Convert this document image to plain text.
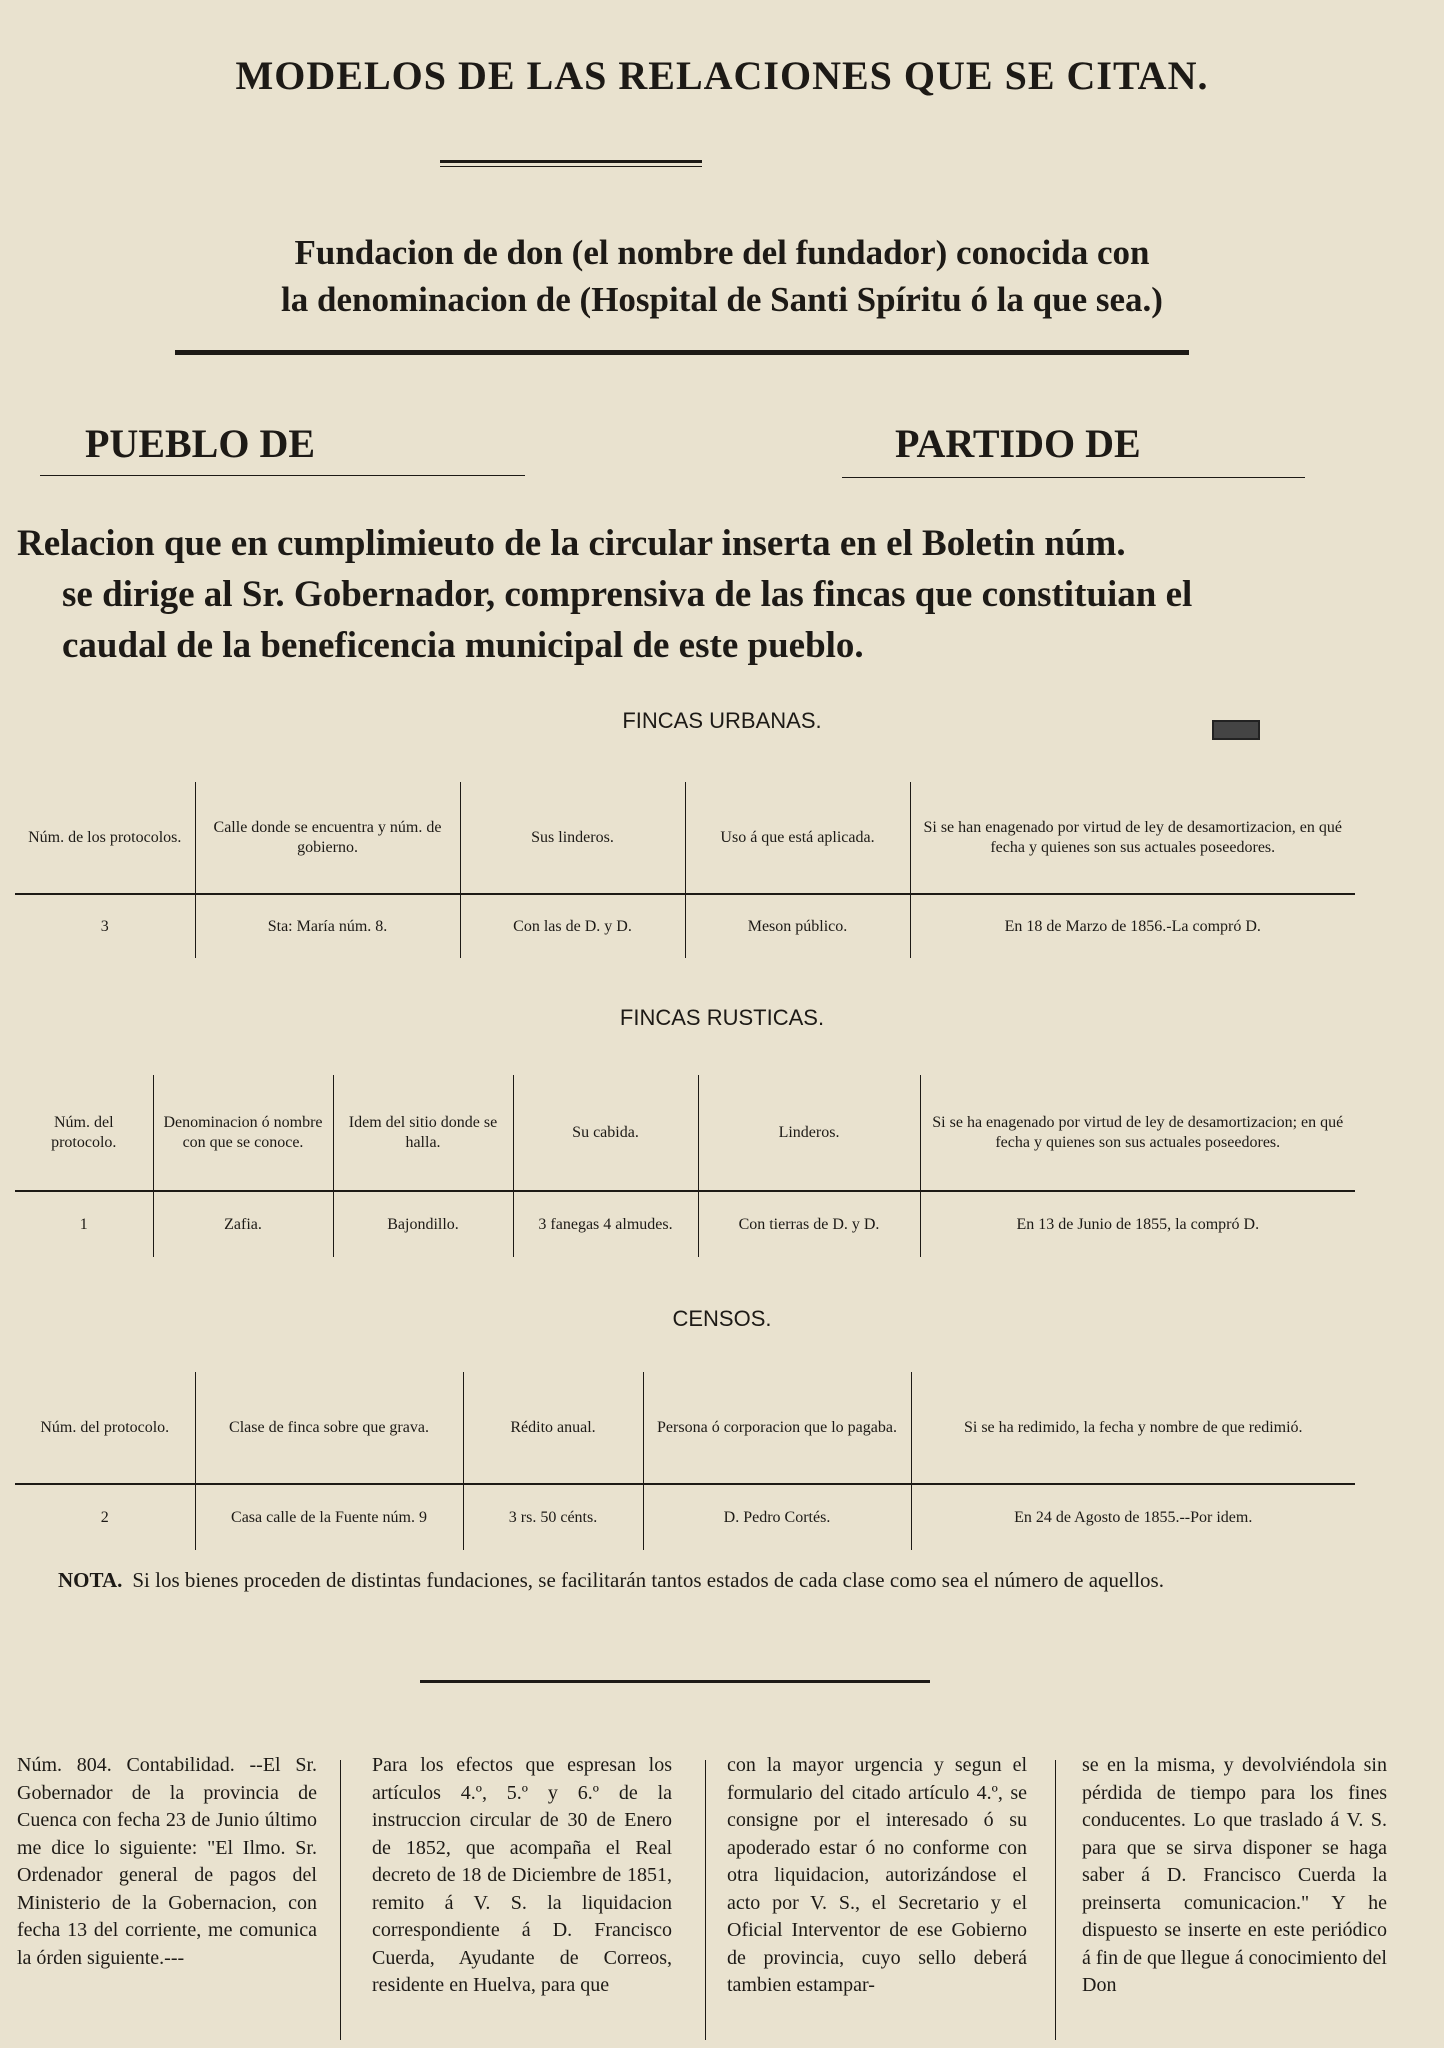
MODELOS DE LAS RELACIONES QUE SE CITAN.
Fundacion de don (el nombre del fundador) conocida con
la denominacion de (Hospital de Santi Spíritu ó la que sea.)
PUEBLO DE	PARTIDO DE
Relacion que en cumplimieuto de la circular inserta en el Boletin núm.
se dirige al Sr. Gobernador, comprensiva de las fincas que constituian el
caudal de la beneficencia municipal de este pueblo.
FINCAS URBANAS.
Núm. de los protocolos.	Calle donde se encuentra y núm. de gobierno.	Sus linderos.	Uso á que está aplicada.	Si se han enagenado por virtud de ley de desamortizacion, en qué fecha y quienes son sus actuales poseedores.
3	Sta: María núm. 8.	Con las de D. y D.	Meson público.	En 18 de Marzo de 1856.-La compró D.
FINCAS RUSTICAS.
Núm. del protocolo.	Denominacion ó nombre con que se conoce.	Idem del sitio donde se halla.	Su cabida.	Linderos.	Si se ha enagenado por virtud de ley de desamortizacion; en qué fecha y quienes son sus actuales poseedores.
1	Zafia.	Bajondillo.	3 fanegas 4 almudes.	Con tierras de D. y D.	En 13 de Junio de 1855, la compró D.
CENSOS.
Núm. del protocolo.	Clase de finca sobre que grava.	Rédito anual.	Persona ó corporacion que lo pagaba.	Si se ha redimido, la fecha y nombre de que redimió.
2	Casa calle de la Fuente núm. 9	3 rs. 50 cénts.	D. Pedro Cortés.	En 24 de Agosto de 1855.--Por idem.
NOTA. Si los bienes proceden de distintas fundaciones, se facilitarán tantos estados de cada clase como sea el número de aquellos.
Núm. 804. Contabilidad. --El Sr. Gobernador de la provincia de Cuenca con fecha 23 de Junio último me dice lo siguiente: "El Ilmo. Sr. Ordenador general de pagos del Ministerio de la Gobernacion, con fecha 13 del corriente, me comunica la órden siguiente.---
Para los efectos que espresan los artículos 4.º, 5.º y 6.º de la instruccion circular de 30 de Enero de 1852, que acompaña el Real decreto de 18 de Diciembre de 1851, remito á V. S. la liquidacion correspondiente á D. Francisco Cuerda, Ayudante de Correos, residente en Huelva, para que
con la mayor urgencia y segun el formulario del citado artículo 4.º, se consigne por el interesado ó su apoderado estar ó no conforme con otra liquidacion, autorizándose el acto por V. S., el Secretario y el Oficial Interventor de ese Gobierno de provincia, cuyo sello deberá tambien estampar-
se en la misma, y devolviéndola sin pérdida de tiempo para los fines conducentes. Lo que traslado á V. S. para que se sirva disponer se haga saber á D. Francisco Cuerda la preinserta comunicacion." Y he dispuesto se inserte en este periódico á fin de que llegue á conocimiento del Don
